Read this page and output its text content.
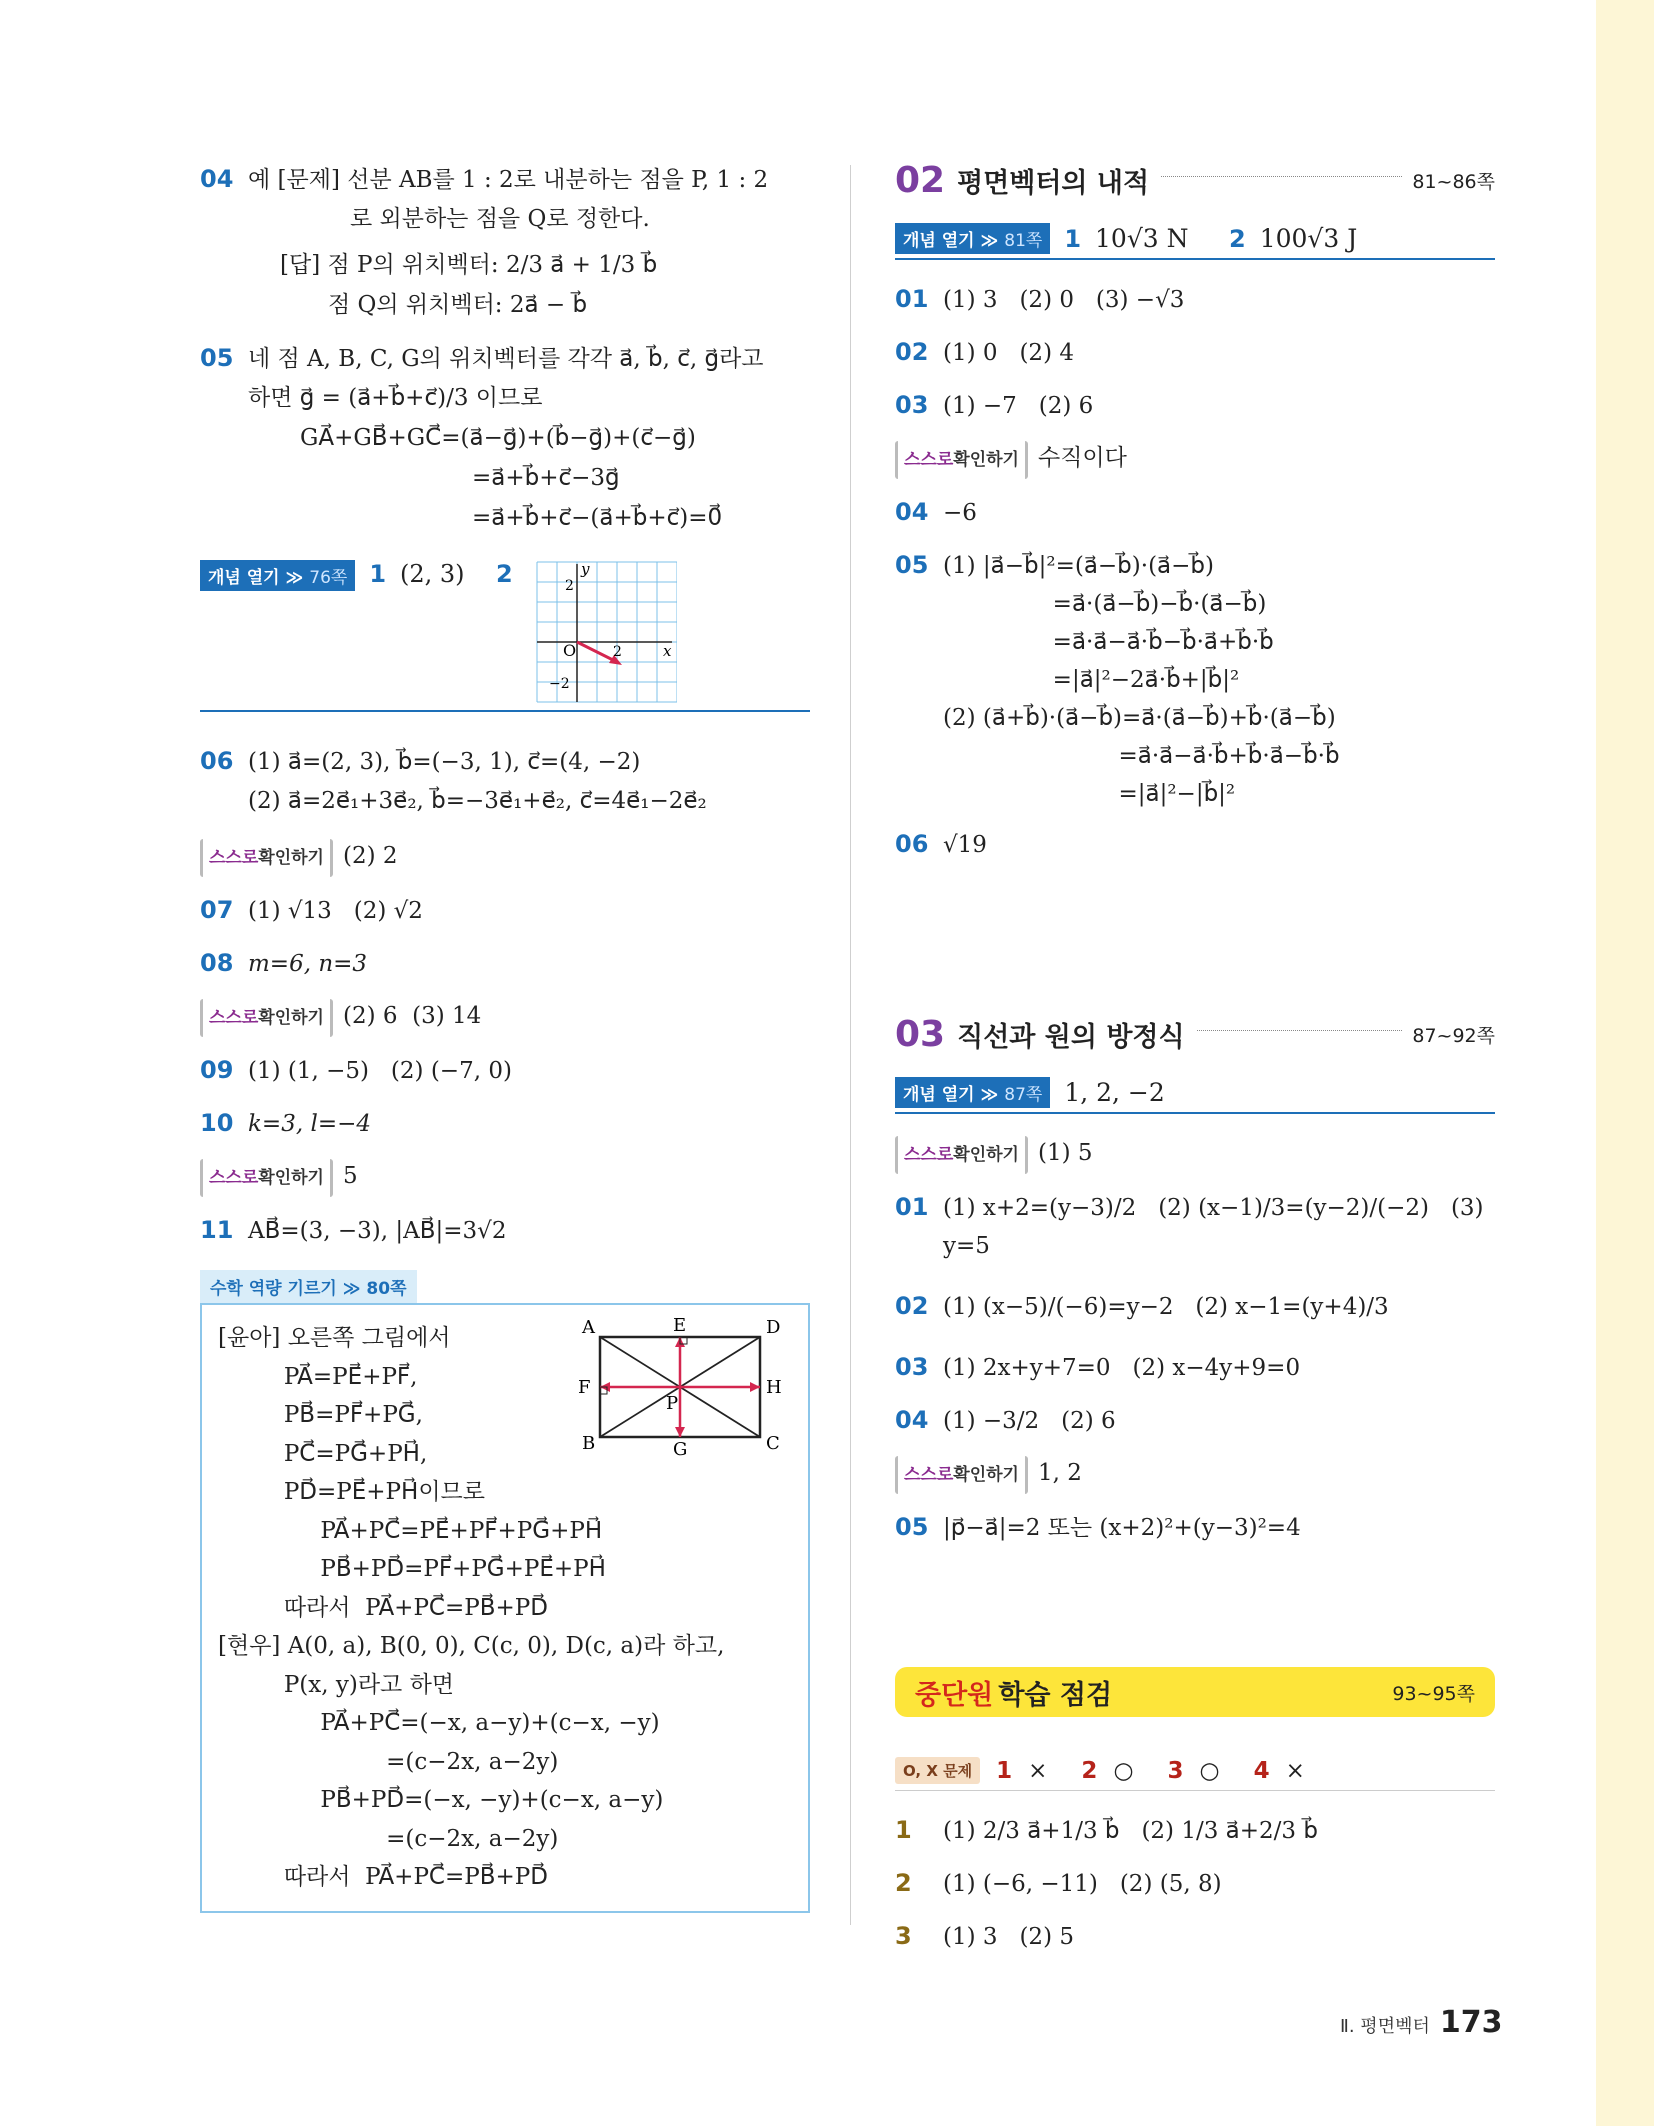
04 예 [문제] 선분 AB를 1 : 2로 내분하는 점을 P, 1 : 2
로 외분하는 점을 Q로 정한다.
[답] 점 P의 위치벡터: 2/3 a⃗ + 1/3 b⃗
점 Q의 위치벡터: 2a⃗ − b⃗
05 네 점 A, B, C, G의 위치벡터를 각각 a⃗, b⃗, c⃗, g⃗라고
하면 g⃗ = (a⃗+b⃗+c⃗)/3 이므로
GA⃗+GB⃗+GC⃗=(a⃗−g⃗)+(b⃗−g⃗)+(c⃗−g⃗)
=a⃗+b⃗+c⃗−3g⃗
=a⃗+b⃗+c⃗−(a⃗+b⃗+c⃗)=0⃗
개념 열기 ≫ 76쪽 1 (2, 3)	2	2
O	2	x
y
−2
06 (1) a⃗=(2, 3), b⃗=(−3, 1), c⃗=(4, −2)
(2) a⃗=2e⃗₁+3e⃗₂, b⃗=−3e⃗₁+e⃗₂, c⃗=4e⃗₁−2e⃗₂
스스로확인하기 (2) 2
07 (1) √13   (2) √2
08 m=6, n=3
스스로확인하기 (2) 6  (3) 14
09 (1) (1, −5)   (2) (−7, 0)
10 k=3, l=−4
스스로확인하기 5
11 AB⃗=(3, −3), |AB⃗|=3√2
수학 역량 기르기 ≫ 80쪽
[윤아] 오른쪽 그림에서
PA⃗=PE⃗+PF⃗,
PB⃗=PF⃗+PG⃗,
PC⃗=PG⃗+PH⃗,
PD⃗=PE⃗+PH⃗이므로
PA⃗+PC⃗=PE⃗+PF⃗+PG⃗+PH⃗
PB⃗+PD⃗=PF⃗+PG⃗+PE⃗+PH⃗
따라서  PA⃗+PC⃗=PB⃗+PD⃗
[현우] A(0, a), B(0, 0), C(c, 0), D(c, a)라 하고,
P(x, y)라고 하면
PA⃗+PC⃗=(−x, a−y)+(c−x, −y)
=(c−2x, a−2y)
PB⃗+PD⃗=(−x, −y)+(c−x, a−y)
=(c−2x, a−2y)
따라서  PA⃗+PC⃗=PB⃗+PD⃗
A	E	D
F
P
H
B	G	C
02 평면벡터의 내적	81~86쪽
개념 열기 ≫ 81쪽 1 10√3 N	2 100√3 J
01 (1) 3   (2) 0   (3) −√3
02 (1) 0   (2) 4
03 (1) −7   (2) 6
스스로확인하기 수직이다
04 −6
05 (1) |a⃗−b⃗|²=(a⃗−b⃗)·(a⃗−b⃗)
=a⃗·(a⃗−b⃗)−b⃗·(a⃗−b⃗)
=a⃗·a⃗−a⃗·b⃗−b⃗·a⃗+b⃗·b⃗
=|a⃗|²−2a⃗·b⃗+|b⃗|²
(2) (a⃗+b⃗)·(a⃗−b⃗)=a⃗·(a⃗−b⃗)+b⃗·(a⃗−b⃗)
=a⃗·a⃗−a⃗·b⃗+b⃗·a⃗−b⃗·b⃗
=|a⃗|²−|b⃗|²
06 √19
03 직선과 원의 방정식	87~92쪽
개념 열기 ≫ 87쪽 1, 2, −2
스스로확인하기 (1) 5
01 (1) x+2=(y−3)/2   (2) (x−1)/3=(y−2)/(−2)   (3) y=5
02 (1) (x−5)/(−6)=y−2   (2) x−1=(y+4)/3
03 (1) 2x+y+7=0   (2) x−4y+9=0
04 (1) −3/2   (2) 6
스스로확인하기 1, 2
05 |p⃗−a⃗|=2 또는 (x+2)²+(y−3)²=4
중단원 학습 점검	93~95쪽
O, X 문제	1 × 2 ○ 3 ○ 4 ×
1	(1) 2/3 a⃗+1/3 b⃗   (2) 1/3 a⃗+2/3 b⃗
2	(1) (−6, −11)   (2) (5, 8)
3	(1) 3   (2) 5
Ⅱ. 평면벡터 173
